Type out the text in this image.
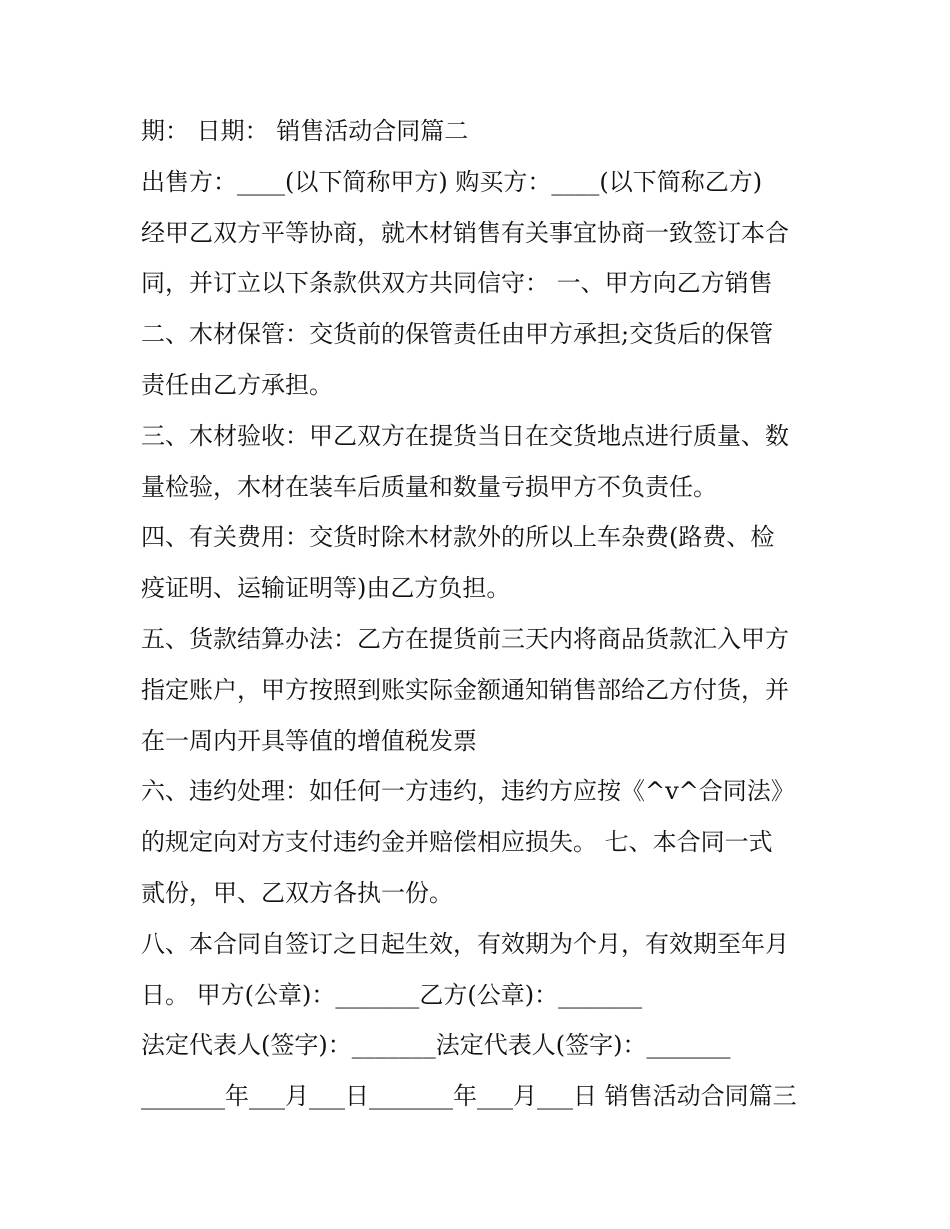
期： 日期： 销售活动合同篇二
出售方：____(以下简称甲方) 购买方：____(以下简称乙方)
经甲乙双方平等协商，就木材销售有关事宜协商一致签订本合
同，并订立以下条款供双方共同信守： 一、甲方向乙方销售
二、木材保管：交货前的保管责任由甲方承担;交货后的保管
责任由乙方承担。
三、木材验收：甲乙双方在提货当日在交货地点进行质量、数
量检验，木材在装车后质量和数量亏损甲方不负责任。
四、有关费用：交货时除木材款外的所以上车杂费(路费、检
疫证明、运输证明等)由乙方负担。
五、货款结算办法：乙方在提货前三天内将商品货款汇入甲方
指定账户，甲方按照到账实际金额通知销售部给乙方付货，并
在一周内开具等值的增值税发票
六、违约处理：如任何一方违约，违约方应按《^v^合同法》
的规定向对方支付违约金并赔偿相应损失。 七、本合同一式
贰份，甲、乙双方各执一份。
八、本合同自签订之日起生效，有效期为个月，有效期至年月
日。 甲方(公章)：_______乙方(公章)：_______
法定代表人(签字)：_______法定代表人(签字)：_______
_______年___月___日_______年___月___日 销售活动合同篇三
